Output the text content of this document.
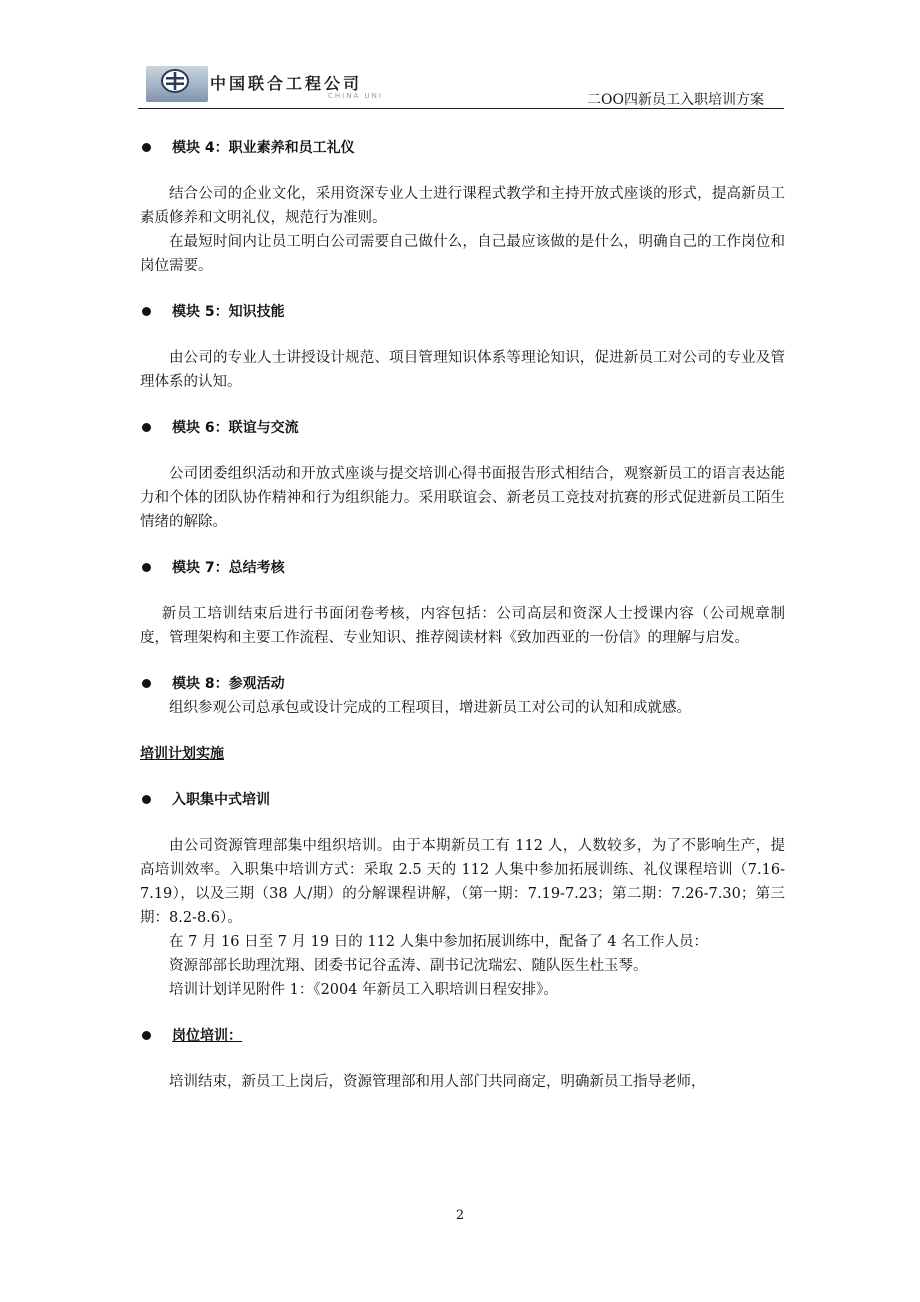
中国联合工程公司
CHINA UNI	二OO四新员工入职培训方案
模块 4：职业素养和员工礼仪

结合公司的企业文化，采用资深专业人士进行课程式教学和主持开放式座谈的形式，提高新员工素质修养和文明礼仪，规范行为准则。

在最短时间内让员工明白公司需要自己做什么，自己最应该做的是什么，明确自己的工作岗位和岗位需要。

模块 5：知识技能

由公司的专业人士讲授设计规范、项目管理知识体系等理论知识，促进新员工对公司的专业及管理体系的认知。

模块 6：联谊与交流

公司团委组织活动和开放式座谈与提交培训心得书面报告形式相结合，观察新员工的语言表达能力和个体的团队协作精神和行为组织能力。采用联谊会、新老员工竞技对抗赛的形式促进新员工陌生情绪的解除。

模块 7：总结考核

新员工培训结束后进行书面闭卷考核，内容包括：公司高层和资深人士授课内容（公司规章制度，管理架构和主要工作流程、专业知识、推荐阅读材料《致加西亚的一份信》的理解与启发。

模块 8：参观活动

组织参观公司总承包或设计完成的工程项目，增进新员工对公司的认知和成就感。

培训计划实施
入职集中式培训

由公司资源管理部集中组织培训。由于本期新员工有 112 人，人数较多，为了不影响生产，提高培训效率。入职集中培训方式：采取 2.5 天的 112 人集中参加拓展训练、礼仪课程培训（7.16-7.19），以及三期（38 人/期）的分解课程讲解，（第一期：7.19-7.23；第二期：7.26-7.30；第三期：8.2-8.6）。

在 7 月 16 日至 7 月 19 日的 112 人集中参加拓展训练中，配备了 4 名工作人员：

资源部部长助理沈翔、团委书记谷孟涛、副书记沈瑞宏、随队医生杜玉琴。

培训计划详见附件 1：《2004 年新员工入职培训日程安排》。

岗位培训：

培训结束，新员工上岗后，资源管理部和用人部门共同商定，明确新员工指导老师，

2
